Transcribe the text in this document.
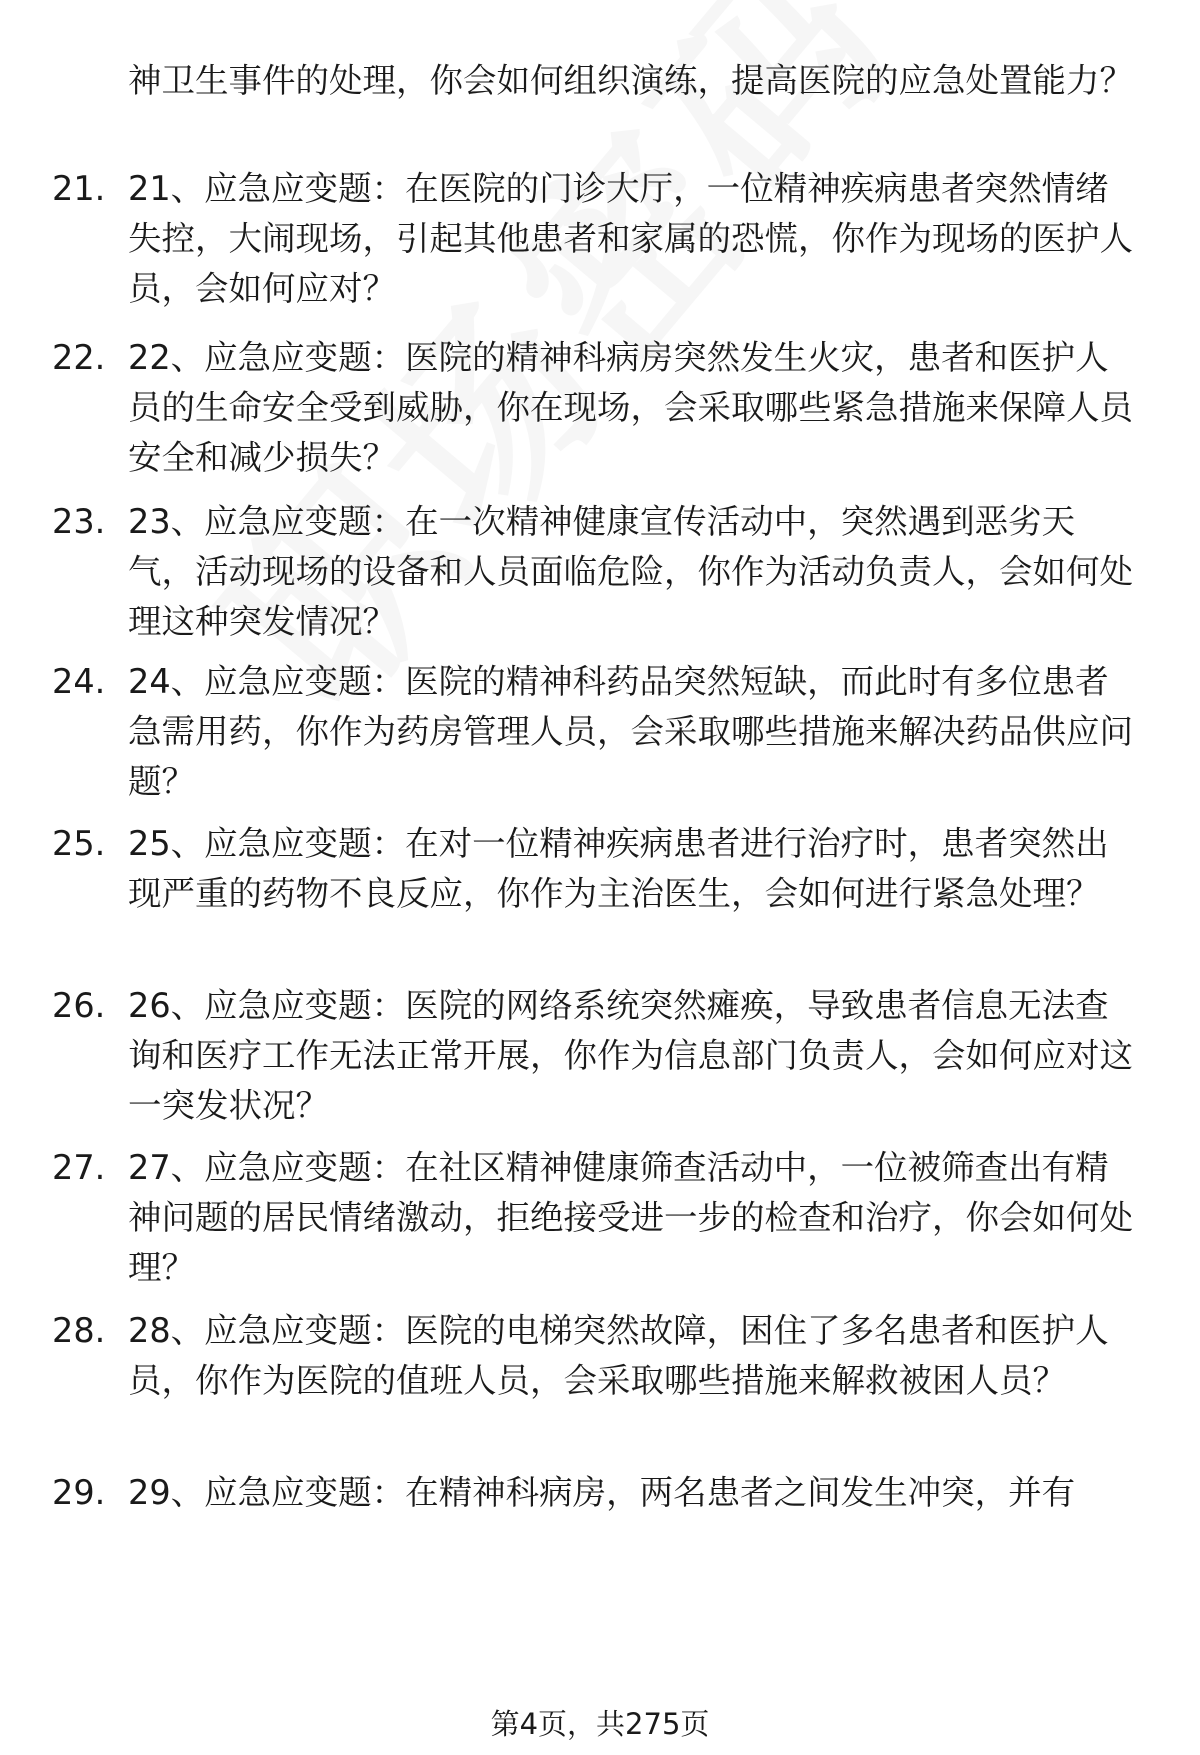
神卫生事件的处理，你会如何组织演练，提高医院的应急处置能力？
21. 21、应急应变题：在医院的门诊大厅，一位精神疾病患者突然情绪失控，大闹现场，引起其他患者和家属的恐慌，你作为现场的医护人员，会如何应对？
22. 22、应急应变题：医院的精神科病房突然发生火灾，患者和医护人员的生命安全受到威胁，你在现场，会采取哪些紧急措施来保障人员安全和减少损失？
23. 23、应急应变题：在一次精神健康宣传活动中，突然遇到恶劣天气，活动现场的设备和人员面临危险，你作为活动负责人，会如何处理这种突发情况？
24. 24、应急应变题：医院的精神科药品突然短缺，而此时有多位患者急需用药，你作为药房管理人员，会采取哪些措施来解决药品供应问题？
25. 25、应急应变题：在对一位精神疾病患者进行治疗时，患者突然出现严重的药物不良反应，你作为主治医生，会如何进行紧急处理？
26. 26、应急应变题：医院的网络系统突然瘫痪，导致患者信息无法查询和医疗工作无法正常开展，你作为信息部门负责人，会如何应对这一突发状况？
27. 27、应急应变题：在社区精神健康筛查活动中，一位被筛查出有精神问题的居民情绪激动，拒绝接受进一步的检查和治疗，你会如何处理？
28. 28、应急应变题：医院的电梯突然故障，困住了多名患者和医护人员，你作为医院的值班人员，会采取哪些措施来解救被困人员？
29. 29、应急应变题：在精神科病房，两名患者之间发生冲突，并有
第4页，共275页
